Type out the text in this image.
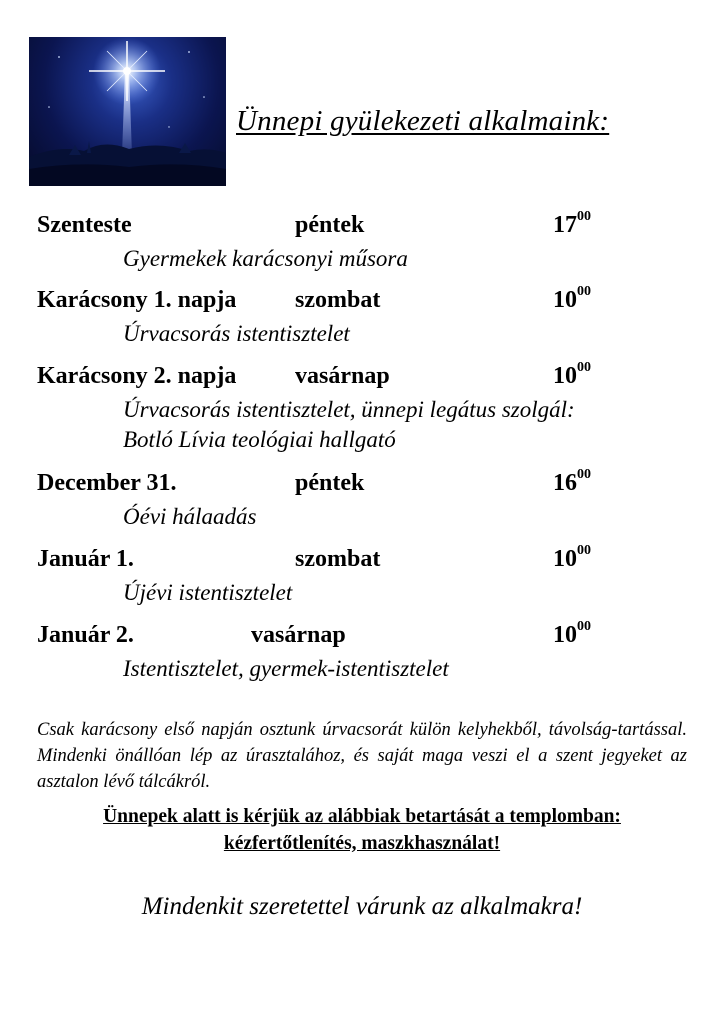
Ünnepi gyülekezeti alkalmaink:
Szenteste	péntek	$17^{00}$
Gyermekek karácsonyi műsora
Karácsony 1. napja szombat	$10^{00}$
Úrvacsorás istentisztelet
Karácsony 2. napja vasárnap	$10^{00}$
Úrvacsorás istentisztelet, ünnepi legátus szolgál:
Botló Lívia teológiai hallgató
December 31.	péntek	$16^{00}$
Óévi hálaadás
Január 1.	szombat	$10^{00}$
Újévi istentisztelet
Január 2.	vasárnap	$10^{00}$
Istentisztelet, gyermek-istentisztelet
Csak karácsony első napján osztunk úrvacsorát külön kelyhekből, távolság-tartással. Mindenki önállóan lép az úrasztalához, és saját maga veszi el a szent jegyeket az asztalon lévő tálcákról.
Ünnepek alatt is kérjük az alábbiak betartását a templomban:
kézfertőtlenítés, maszkhasználat!
Mindenkit szeretettel várunk az alkalmakra!
